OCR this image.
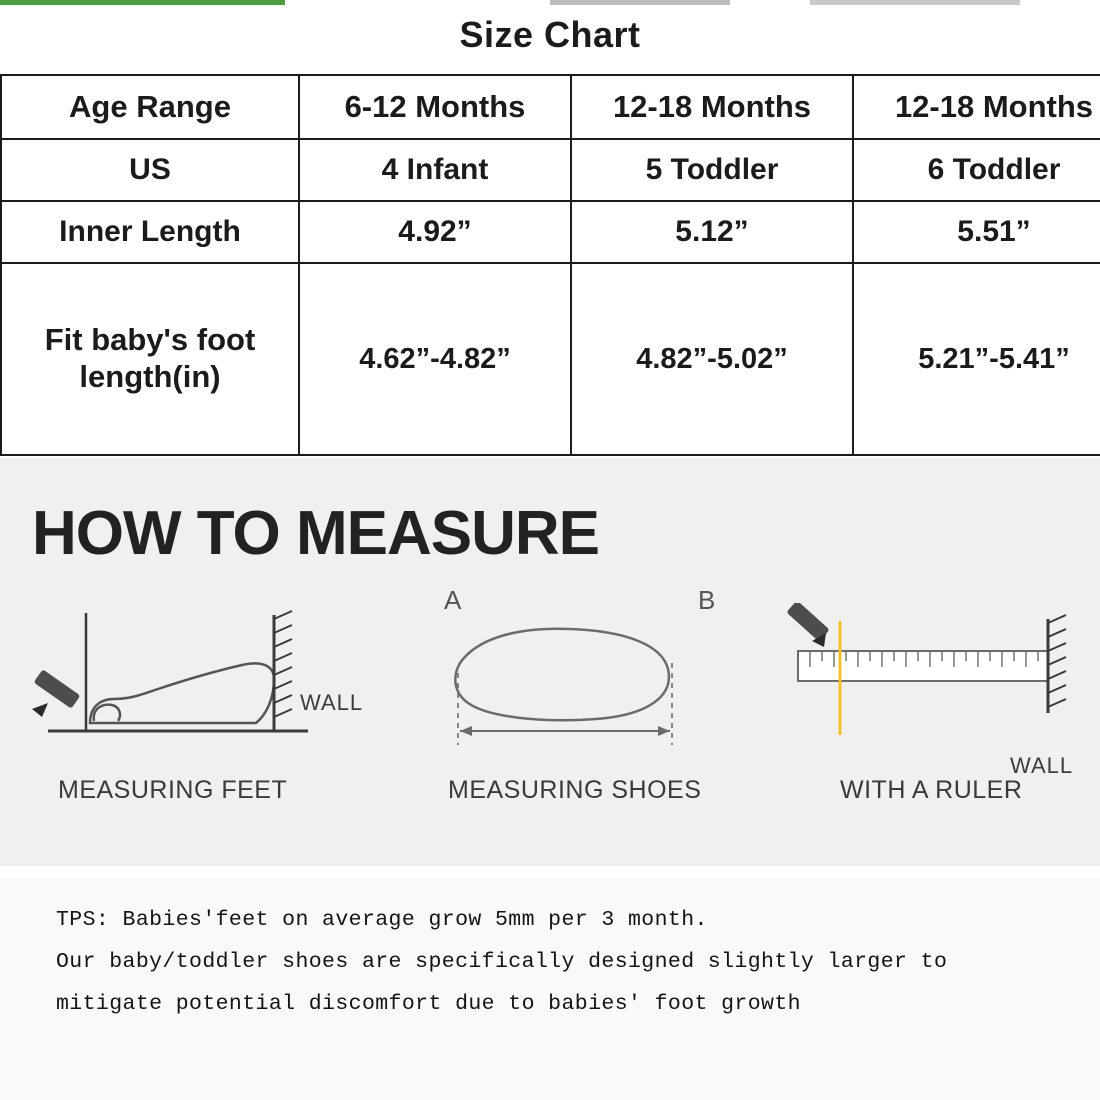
Size Chart
Age Range	6-12 Months	12-18 Months	12-18 Months
US	4 Infant	5 Toddler	6 Toddler
Inner Length	4.92”	5.12”	5.51”
Fit baby's foot length(in)	4.62”-4.82”	4.82”-5.02”	5.21”-5.41”
HOW TO MEASURE
WALL
MEASURING FEET
A	B
MEASURING SHOES
WALL
WITH A RULER
TPS: Babies'feet on average grow 5mm per 3 month.
Our baby/toddler shoes are specifically designed slightly larger to
mitigate potential discomfort due to babies' foot growth
